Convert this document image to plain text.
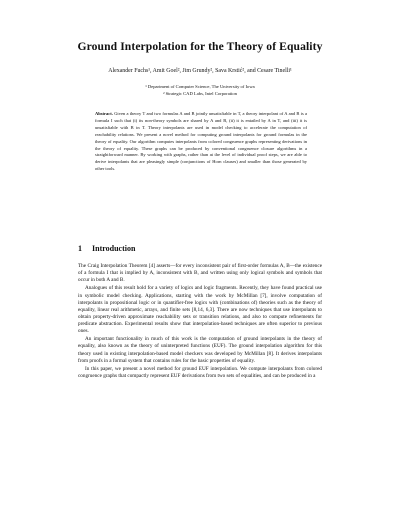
Ground Interpolation for the Theory of Equality
Alexander Fuchs¹, Amit Goel², Jim Grundy², Sava Krstić², and Cesare Tinelli¹
¹ Department of Computer Science, The University of Iowa
² Strategic CAD Labs, Intel Corporation
Abstract. Given a theory T and two formulas A and B jointly unsatisfiable in T, a theory interpolant of A and B is a formula I such that (i) its non-theory symbols are shared by A and B, (ii) it is entailed by A in T, and (iii) it is unsatisfiable with B in T. Theory interpolants are used in model checking to accelerate the computation of reachability relations. We present a novel method for computing ground interpolants for ground formulas in the theory of equality. Our algorithm computes interpolants from colored congruence graphs representing derivations in the theory of equality. These graphs can be produced by conventional congruence closure algorithms in a straightforward manner. By working with graphs, rather than at the level of individual proof steps, we are able to derive interpolants that are pleasingly simple (conjunctions of Horn clauses) and smaller than those generated by other tools.
1 Introduction

The Craig Interpolation Theorem [4] asserts—for every inconsistent pair of first-order formulas A, B—the existence of a formula I that is implied by A, inconsistent with B, and written using only logical symbols and symbols that occur in both A and B.

Analogues of this result hold for a variety of logics and logic fragments. Recently, they have found practical use in symbolic model checking. Applications, starting with the work by McMillan [7], involve computation of interpolants in propositional logic or in quantifier-free logics with (combinations of) theories such as the theory of equality, linear real arithmetic, arrays, and finite sets [8,14, 6,3]. There are now techniques that use interpolants to obtain property-driven approximate reachability sets or transition relations, and also to compute refinements for predicate abstraction. Experimental results show that interpolation-based techniques are often superior to previous ones.

An important functionality in much of this work is the computation of ground interpolants in the theory of equality, also known as the theory of uninterpreted functions (EUF). The ground interpolation algorithm for this theory used in existing interpolation-based model checkers was developed by McMillan [8]. It derives interpolants from proofs in a formal system that contains rules for the basic properties of equality.

In this paper, we present a novel method for ground EUF interpolation. We compute interpolants from colored congruence graphs that compactly represent EUF derivations from two sets of equalities, and can be produced in a
